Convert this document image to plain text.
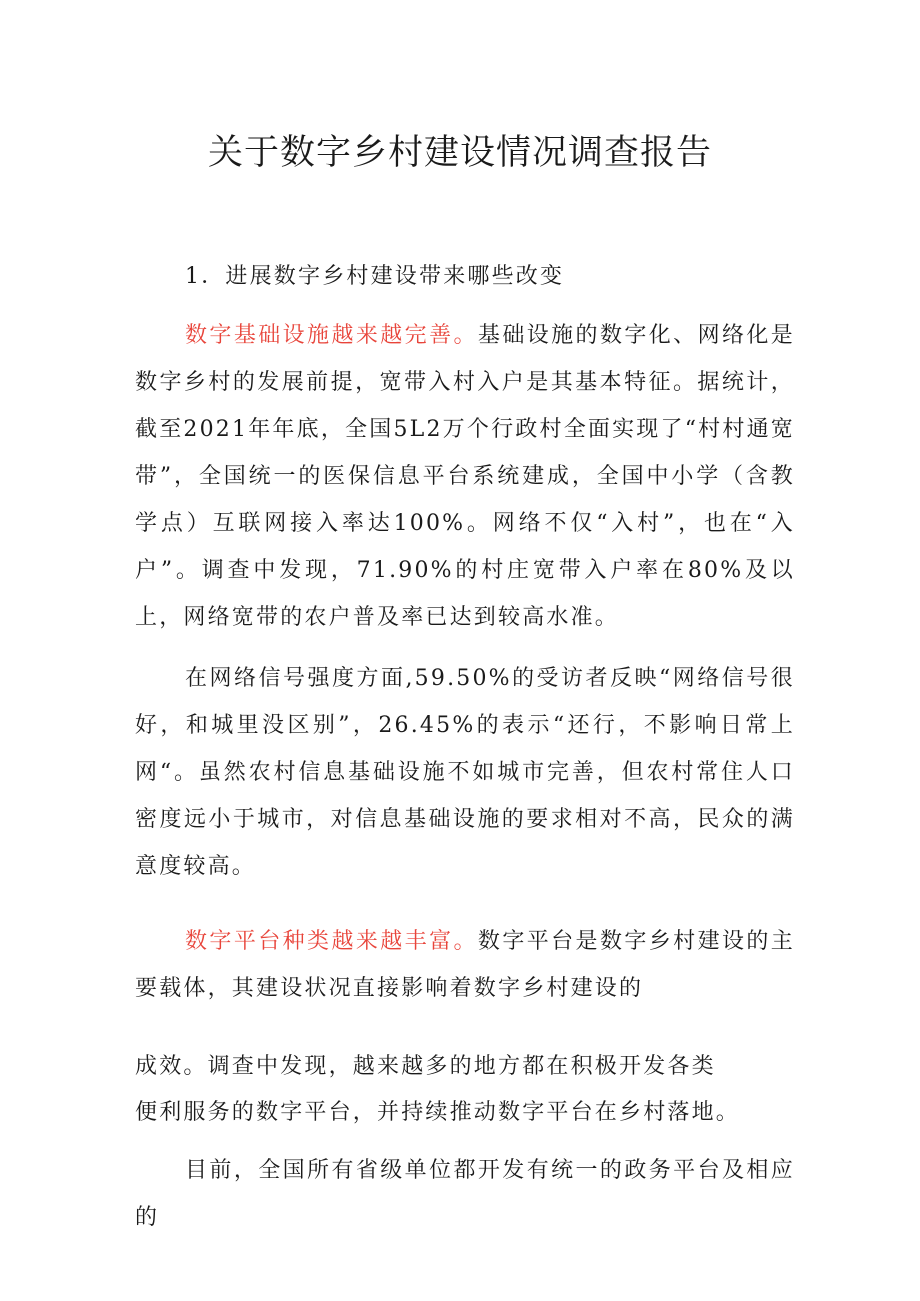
关于数字乡村建设情况调查报告

1．进展数字乡村建设带来哪些改变

数字基础设施越来越完善。基础设施的数字化、网络化是数字乡村的发展前提，宽带入村入户是其基本特征。据统计，截至2021年年底，全国5L2万个行政村全面实现了“村村通宽带”，全国统一的医保信息平台系统建成，全国中小学（含教学点）互联网接入率达100%。网络不仅“入村”，也在“入户”。调查中发现，71.90%的村庄宽带入户率在80%及以上，网络宽带的农户普及率已达到较高水准。

在网络信号强度方面,59.50%的受访者反映“网络信号很好，和城里没区别”，26.45%的表示“还行，不影响日常上网“。虽然农村信息基础设施不如城市完善，但农村常住人口密度远小于城市，对信息基础设施的要求相对不高，民众的满意度较高。

数字平台种类越来越丰富。数字平台是数字乡村建设的主要载体，其建设状况直接影响着数字乡村建设的

成效。调查中发现，越来越多的地方都在积极开发各类

便利服务的数字平台，并持续推动数字平台在乡村落地。

目前，全国所有省级单位都开发有统一的政务平台及相应的
